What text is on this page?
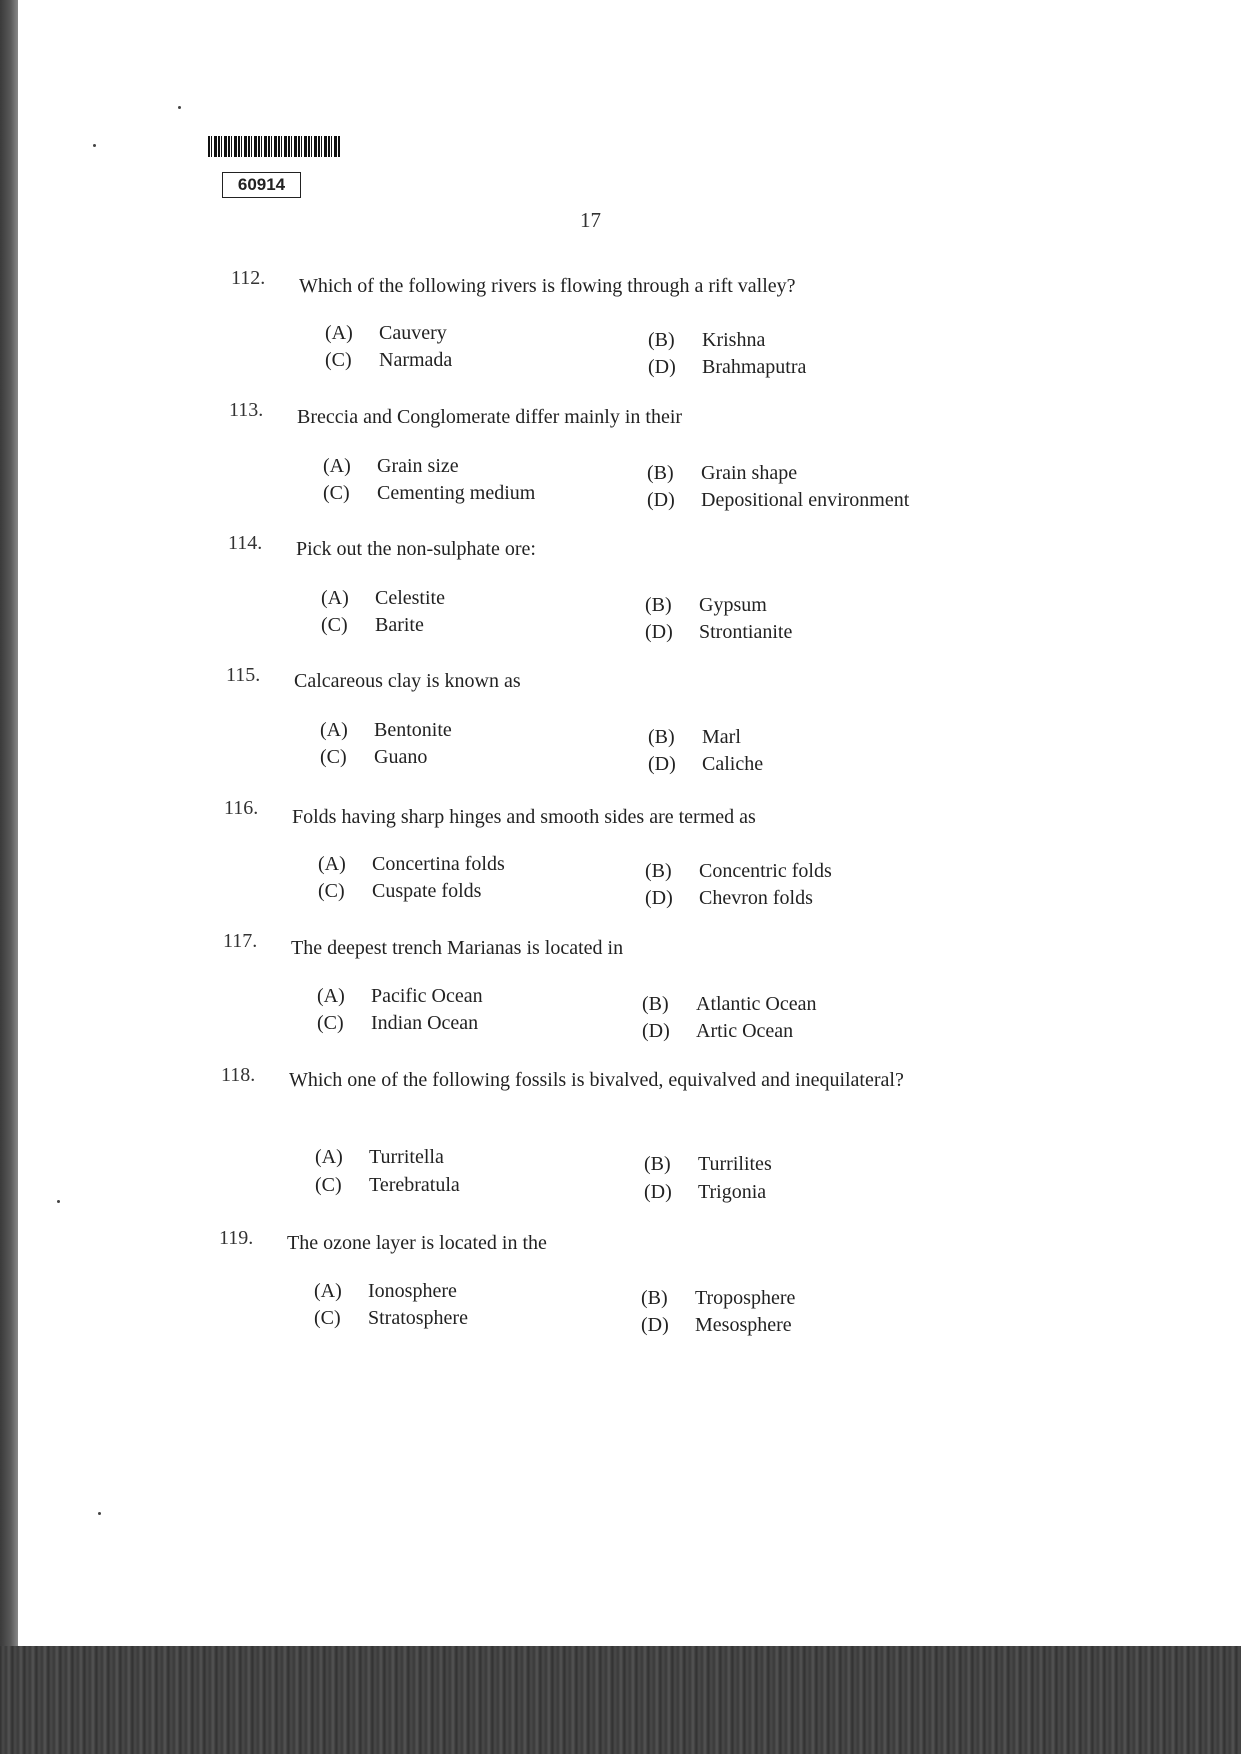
60914
17
112. Which of the following rivers is flowing through a rift valley?
(A) Cauvery	(B) Krishna
(C) Narmada	(D) Brahmaputra
113. Breccia and Conglomerate differ mainly in their
(A) Grain size	(B) Grain shape
(C) Cementing medium	(D) Depositional environment
114. Pick out the non-sulphate ore:
(A) Celestite	(B) Gypsum
(C) Barite	(D) Strontianite
115. Calcareous clay is known as
(A) Bentonite	(B) Marl
(C) Guano	(D) Caliche
116. Folds having sharp hinges and smooth sides are termed as
(A) Concertina folds	(B) Concentric folds
(C) Cuspate folds	(D) Chevron folds
117. The deepest trench Marianas is located in
(A) Pacific Ocean	(B) Atlantic Ocean
(C) Indian Ocean	(D) Artic Ocean
118. Which one of the following fossils is bivalved, equivalved and inequilateral?
(A) Turritella	(B) Turrilites
(C) Terebratula	(D) Trigonia
119. The ozone layer is located in the
(A) Ionosphere	(B) Troposphere
(C) Stratosphere	(D) Mesosphere
